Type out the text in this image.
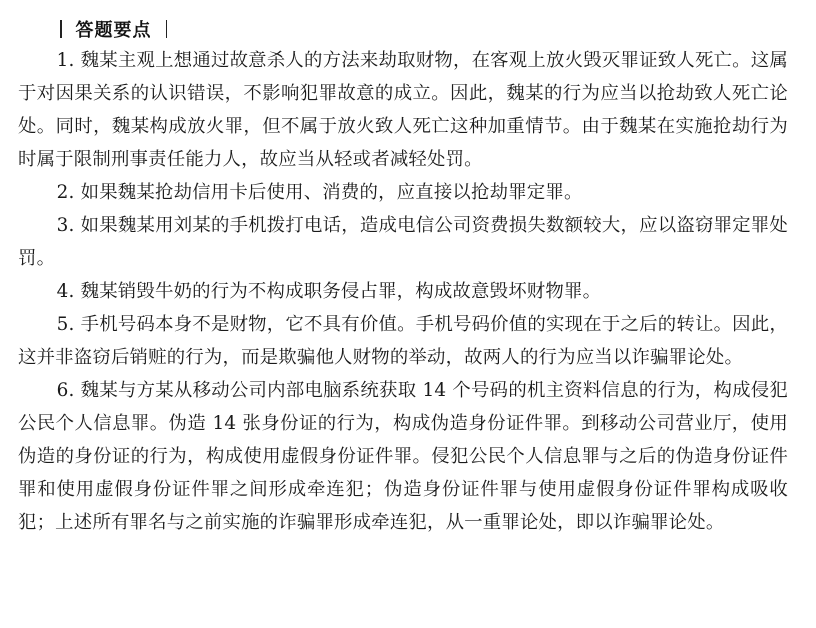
答题要点

1. 魏某主观上想通过故意杀人的方法来劫取财物，在客观上放火毁灭罪证致人死亡。这属于对因果关系的认识错误，不影响犯罪故意的成立。因此，魏某的行为应当以抢劫致人死亡论处。同时，魏某构成放火罪，但不属于放火致人死亡这种加重情节。由于魏某在实施抢劫行为时属于限制刑事责任能力人，故应当从轻或者减轻处罚。

2. 如果魏某抢劫信用卡后使用、消费的，应直接以抢劫罪定罪。

3. 如果魏某用刘某的手机拨打电话，造成电信公司资费损失数额较大，应以盗窃罪定罪处罚。

4. 魏某销毁牛奶的行为不构成职务侵占罪，构成故意毁坏财物罪。

5. 手机号码本身不是财物，它不具有价值。手机号码价值的实现在于之后的转让。因此，这并非盗窃后销赃的行为，而是欺骗他人财物的举动，故两人的行为应当以诈骗罪论处。

6. 魏某与方某从移动公司内部电脑系统获取 14 个号码的机主资料信息的行为，构成侵犯公民个人信息罪。伪造 14 张身份证的行为，构成伪造身份证件罪。到移动公司营业厅，使用伪造的身份证的行为，构成使用虚假身份证件罪。侵犯公民个人信息罪与之后的伪造身份证件罪和使用虚假身份证件罪之间形成牵连犯；伪造身份证件罪与使用虚假身份证件罪构成吸收犯；上述所有罪名与之前实施的诈骗罪形成牵连犯，从一重罪论处，即以诈骗罪论处。
